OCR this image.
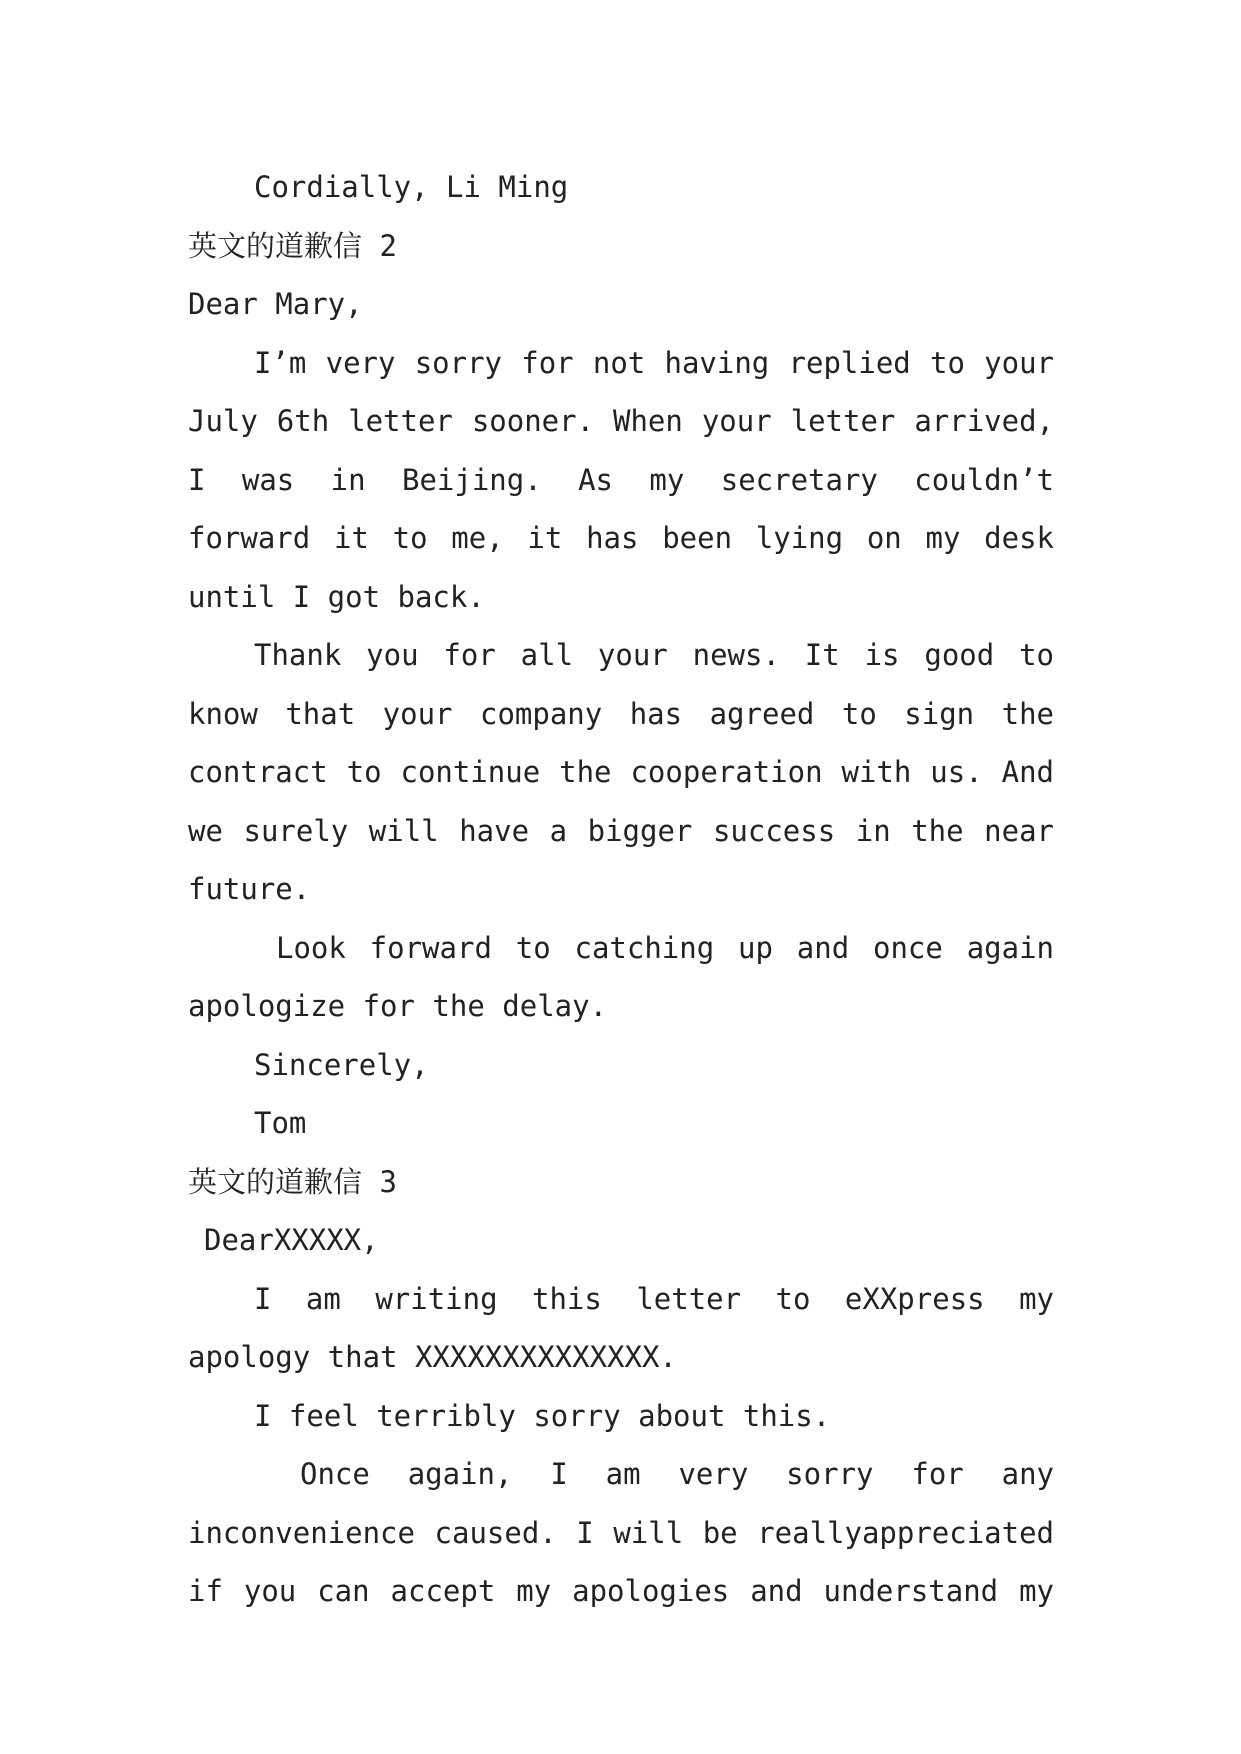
Cordially, Li Ming
英文的道歉信 2
Dear Mary,

I’m very sorry for not having replied to your July 6th letter sooner. When your letter arrived, I was in Beijing. As my secretary couldn’t forward it to me, it has been lying on my desk until I got back.

Thank you for all your news. It is good to know that your company has agreed to sign the contract to continue the cooperation with us. And we surely will have a bigger success in the near future.

Look forward to catching up and once again apologize for the delay.

Sincerely,
Tom
英文的道歉信 3
DearXXXXX,

I am writing this letter to eXXpress my apology that XXXXXXXXXXXXXX.

I feel terribly sorry about this.

Once again, I am very sorry for any inconvenience caused. I will be reallyappreciated if you can accept my apologies and understand my
